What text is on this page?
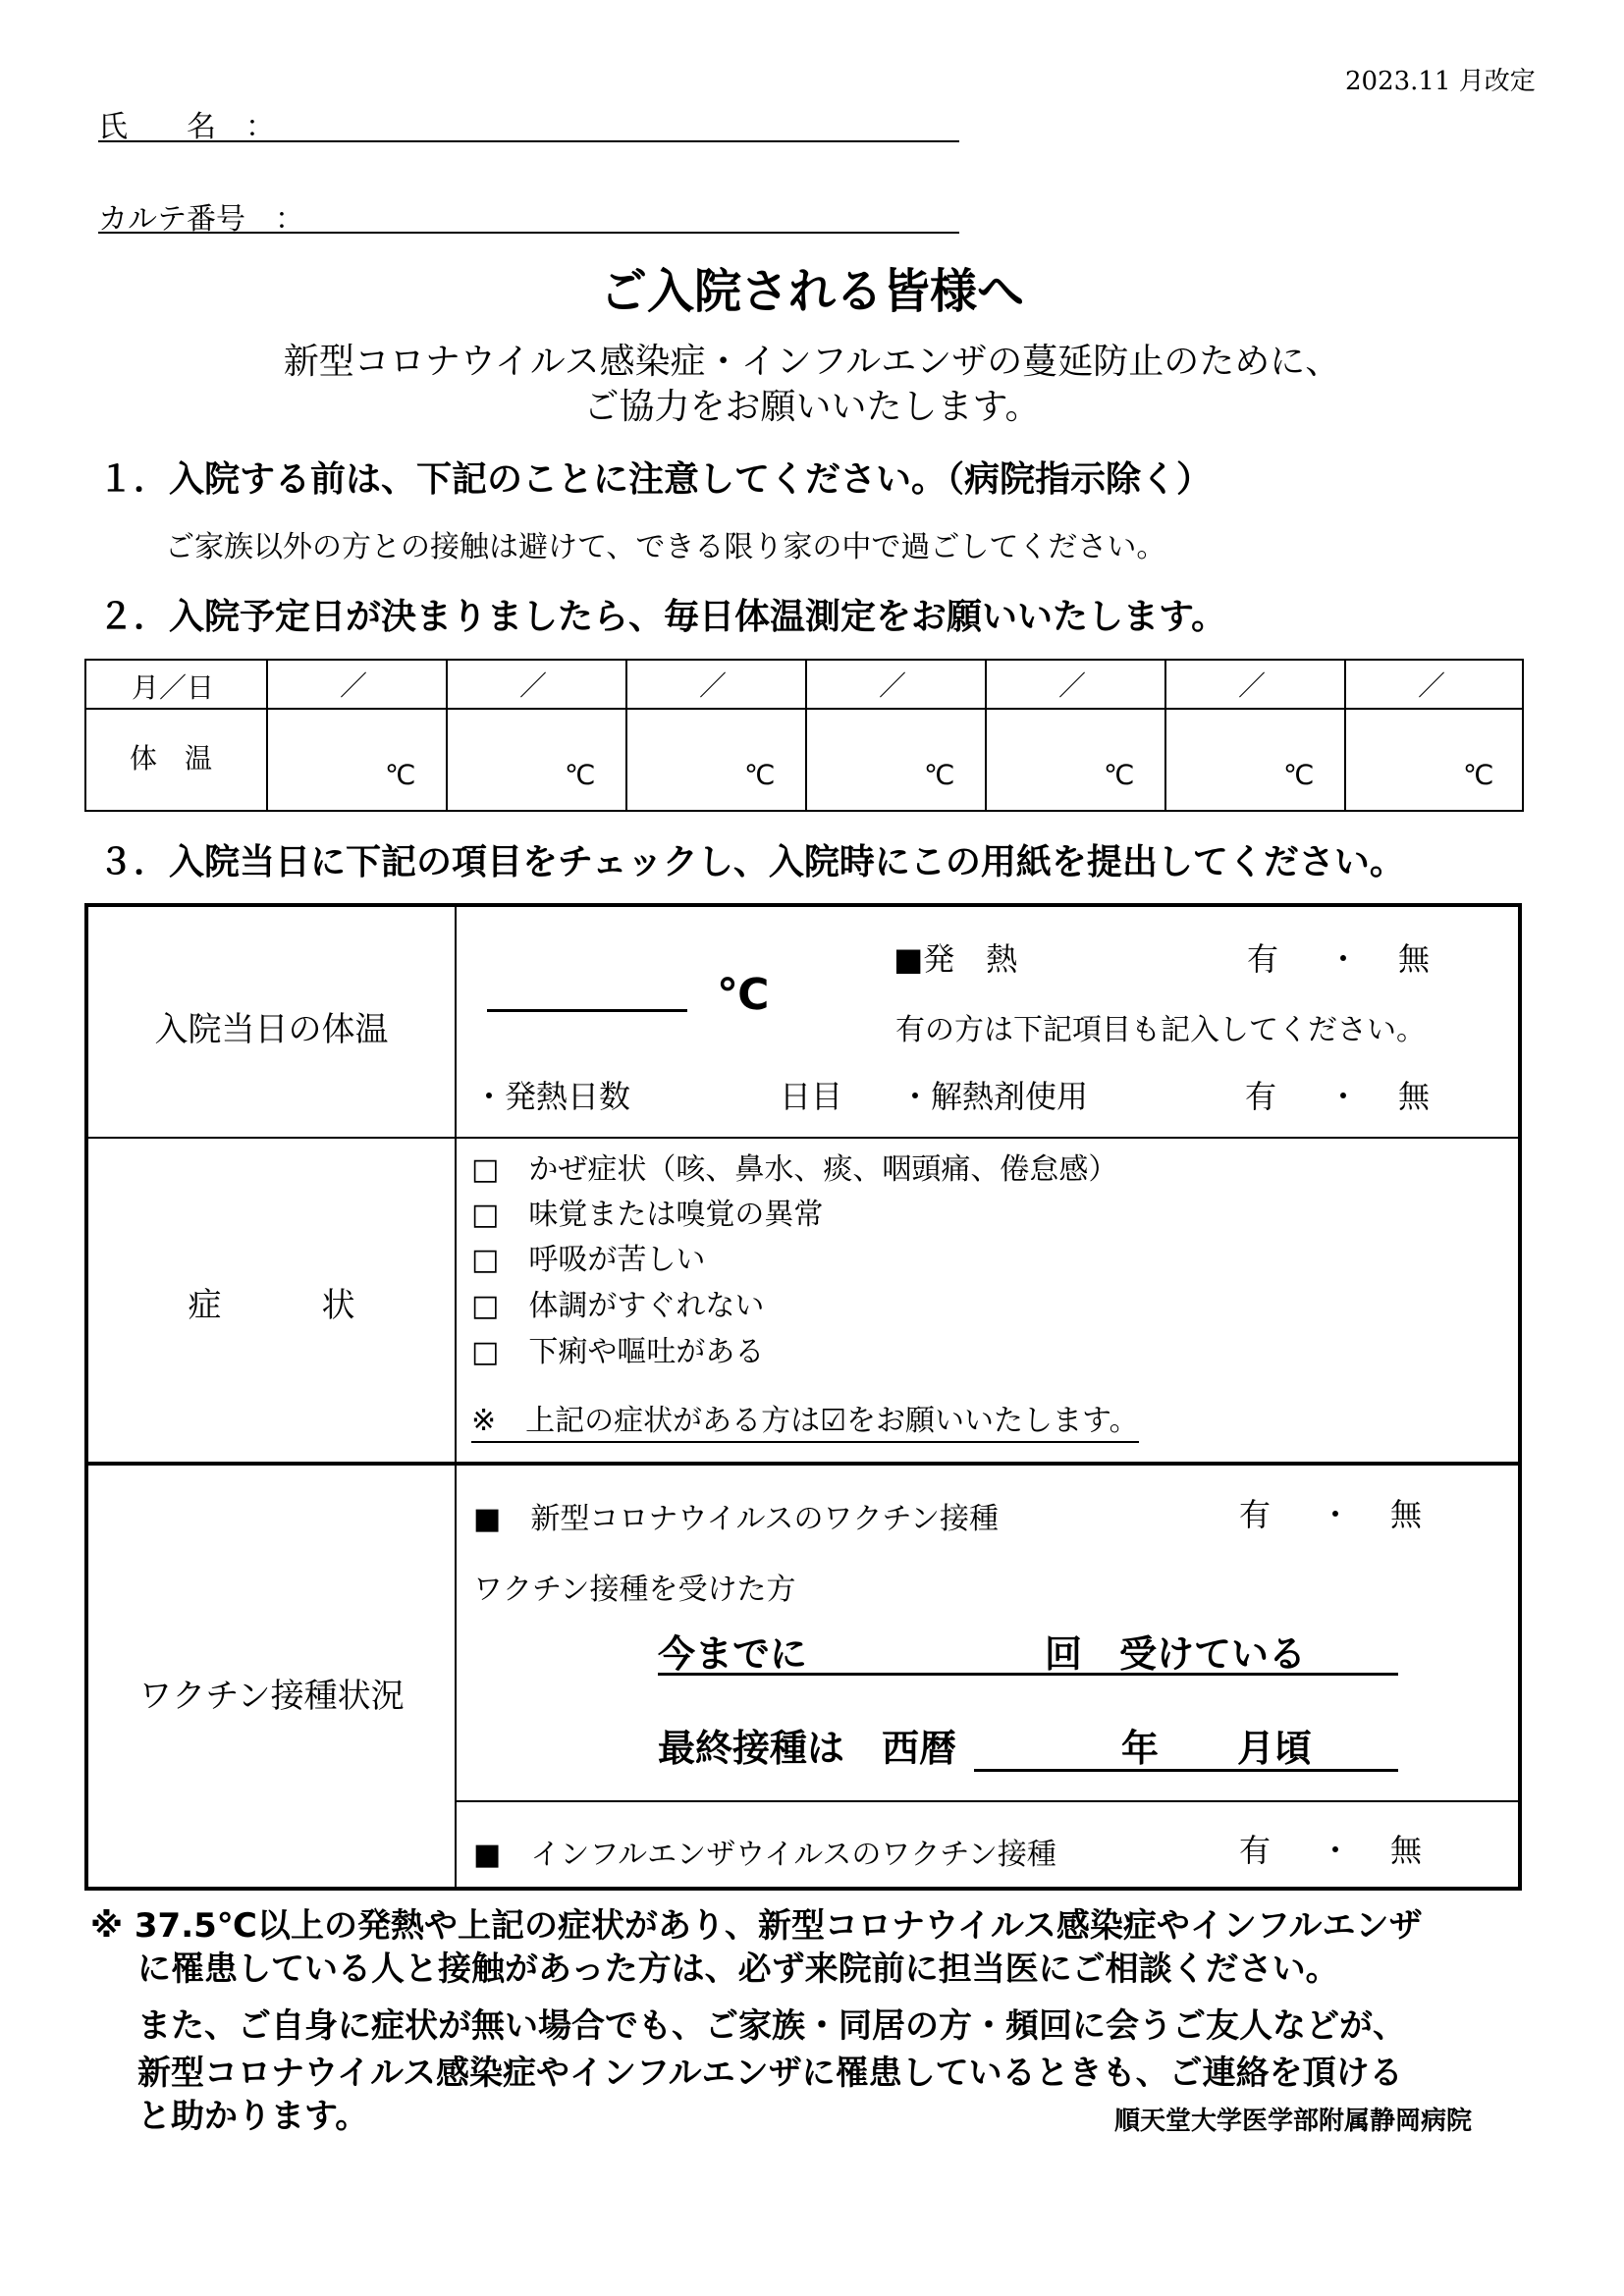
2023.11 月改定
氏　　名　：
カルテ番号　：
ご入院される皆様へ
新型コロナウイルス感染症・インフルエンザの蔓延防止のために、
ご協力をお願いいたします。
１．入院する前は、下記のことに注意してください。（病院指示除く）
ご家族以外の方との接触は避けて、できる限り家の中で過ごしてください。
２．入院予定日が決まりましたら、毎日体温測定をお願いいたします。
月／日
体　温
／	／	／	／	／	／	／
℃	℃	℃	℃	℃	℃	℃
３．入院当日に下記の項目をチェックし、入院時にこの用紙を提出してください。
入院当日の体温
℃
■発　熱	有 ・ 無
有の方は下記項目も記入してください。
・発熱日数	日目 ・解熱剤使用	有 ・ 無
症　　　状
□　かぜ症状（咳、鼻水、痰、咽頭痛、倦怠感）
□　味覚または嗅覚の異常
□　呼吸が苦しい
□　体調がすぐれない
□　下痢や嘔吐がある
※　上記の症状がある方は☑をお願いいたします。
ワクチン接種状況
■　新型コロナウイルスのワクチン接種	有 ・ 無
ワクチン接種を受けた方
今までに	回　受けている
最終接種は　西暦	年 月頃
■　インフルエンザウイルスのワクチン接種	有 ・ 無
※ 37.5℃以上の発熱や上記の症状があり、新型コロナウイルス感染症やインフルエンザ
に罹患している人と接触があった方は、必ず来院前に担当医にご相談ください。
また、ご自身に症状が無い場合でも、ご家族・同居の方・頻回に会うご友人などが、
新型コロナウイルス感染症やインフルエンザに罹患しているときも、ご連絡を頂ける
と助かります。	順天堂大学医学部附属静岡病院
